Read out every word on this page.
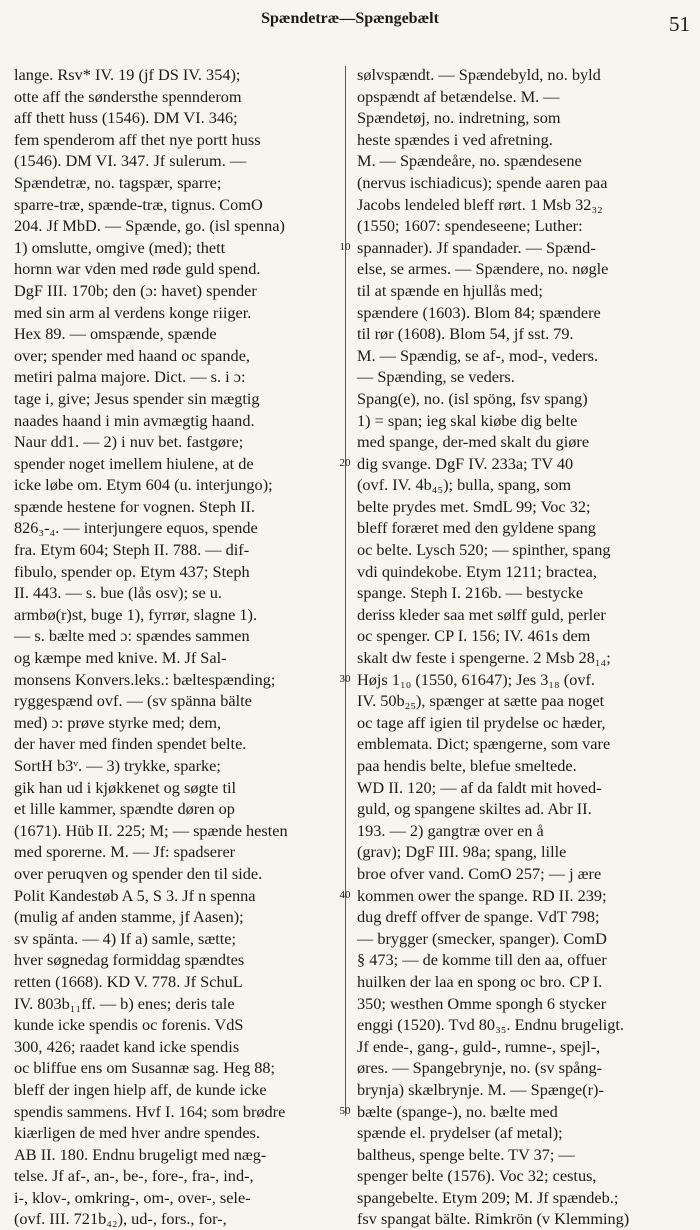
Spændetræ—Spængebælt	51
lange. Rsv* IV. 19 (jf DS IV. 354);
otte aff the søndersthe spennderom
aff thett huss (1546). DM VI. 346;
fem spenderom aff thet nye portt huss
(1546). DM VI. 347. Jf sulerum. —
Spændetræ, no. tagspær, sparre;
sparre-træ, spænde-træ, tignus. ComO
204. Jf MbD. — Spænde, go. (isl spenna)
1) omslutte, omgive (med); thett
hornn war vden med røde guld spend.
DgF III. 170b; den (ɔ: havet) spender
med sin arm al verdens konge riiger.
Hex 89. — omspænde, spænde
over; spender med haand oc spande,
metiri palma majore. Dict. — s. i ɔ:
tage i, give; Jesus spender sin mægtig
naades haand i min avmægtig haand.
Naur dd1. — 2) i nuv bet. fastgøre;
spender noget imellem hiulene, at de
icke løbe om. Etym 604 (u. interjungo);
spænde hestene for vognen. Steph II.
826₃-₄. — interjungere equos, spende
fra. Etym 604; Steph II. 788. — dif-
fibulo, spender op. Etym 437; Steph
II. 443. — s. bue (lås osv); se u.
armbø(r)st, buge 1), fyrrør, slagne 1).
— s. bælte med ɔ: spændes sammen
og kæmpe med knive. M. Jf Sal-
monsens Konvers.leks.: bæltespænding;
ryggespænd ovf. — (sv spänna bälte
med) ɔ: prøve styrke med; dem,
der haver med finden spendet belte.
SortH b3ᵛ. — 3) trykke, sparke;
gik han ud i kjøkkenet og søgte til
et lille kammer, spændte døren op
(1671). Hüb II. 225; M; — spænde hesten
med sporerne. M. — Jf: spadserer
over peruqven og spender den til side.
Polit Kandestøb A 5, S 3. Jf n spenna
(mulig af anden stamme, jf Aasen);
sv spänta. — 4) If a) samle, sætte;
hver søgnedag formiddag spændtes
retten (1668). KD V. 778. Jf SchuL
IV. 803b₁₁ff. — b) enes; deris tale
kunde icke spendis oc forenis. VdS
300, 426; raadet kand icke spendis
oc bliffue ens om Susannæ sag. Heg 88;
bleff der ingen hielp aff, de kunde icke
spendis sammens. Hvf I. 164; som brødre
kiærligen de med hver andre spendes.
AB II. 180. Endnu brugeligt med næg-
telse. Jf af-, an-, be-, fore-, fra-, ind-,
i-, klov-, omkring-, om-, over-, sele-
(ovf. III. 721b₄₂), ud-, fors., for-,
sølvspændt. — Spændebyld, no. byld
opspændt af betændelse. M. —
Spændetøj, no. indretning, som
heste spændes i ved afretning.
M. — Spændeåre, no. spændesene
(nervus ischiadicus); spende aaren paa
Jacobs lendeled bleff rørt. 1 Msb 32₃₂
(1550; 1607: spendeseene; Luther:
spannader). Jf spandader. — Spænd-
else, se armes. — Spændere, no. nøgle
til at spænde en hjullås med;
spændere (1603). Blom 84; spændere
til rør (1608). Blom 54, jf sst. 79.
M. — Spændig, se af-, mod-, veders.
— Spænding, se veders.
Spang(e), no. (isl spöng, fsv spang)
1) = span; ieg skal kiøbe dig belte
med spange, der-med skalt du giøre
dig svange. DgF IV. 233a; TV 40
(ovf. IV. 4b₄₅); bulla, spang, som
belte prydes met. SmdL 99; Voc 32;
bleff foræret med den gyldene spang
oc belte. Lysch 520; — spinther, spang
vdi quindekobe. Etym 1211; bractea,
spange. Steph I. 216b. — bestycke
deriss kleder saa met sølff guld, perler
oc spenger. CP I. 156; IV. 461s dem
skalt dw feste i spengerne. 2 Msb 28₁₄;
Højs 1₁₀ (1550, 61647); Jes 3₁₈ (ovf.
IV. 50b₂₅), spænger at sætte paa noget
oc tage aff igien til prydelse oc hæder,
emblemata. Dict; spængerne, som vare
paa hendis belte, blefue smeltede.
WD II. 120; — af da faldt mit hoved-
guld, og spangene skiltes ad. Abr II.
193. — 2) gangtræ over en å
(grav); DgF III. 98a; spang, lille
broe ofver vand. ComO 257; — j ære
kommen ower the spange. RD II. 239;
dug dreff offver de spange. VdT 798;
— brygger (smecker, spanger). ComD
§ 473; — de komme till den aa, offuer
huilken der laa en spong oc bro. CP I.
350; westhen Omme spongh 6 stycker
enggi (1520). Tvd 80₃₅. Endnu brugeligt.
Jf ende-, gang-, guld-, rumne-, spejl-,
øres. — Spangebrynje, no. (sv spång-
brynja) skælbrynje. M. — Spænge(r)-
bælte (spange-), no. bælte med
spænde el. prydelser (af metal);
baltheus, spenge belte. TV 37; —
spenger belte (1576). Voc 32; cestus,
spangebelte. Etym 209; M. Jf spændeb.;
fsv spangat bälte. Rimkrön (v Klemming)
10
20
30
40
50
